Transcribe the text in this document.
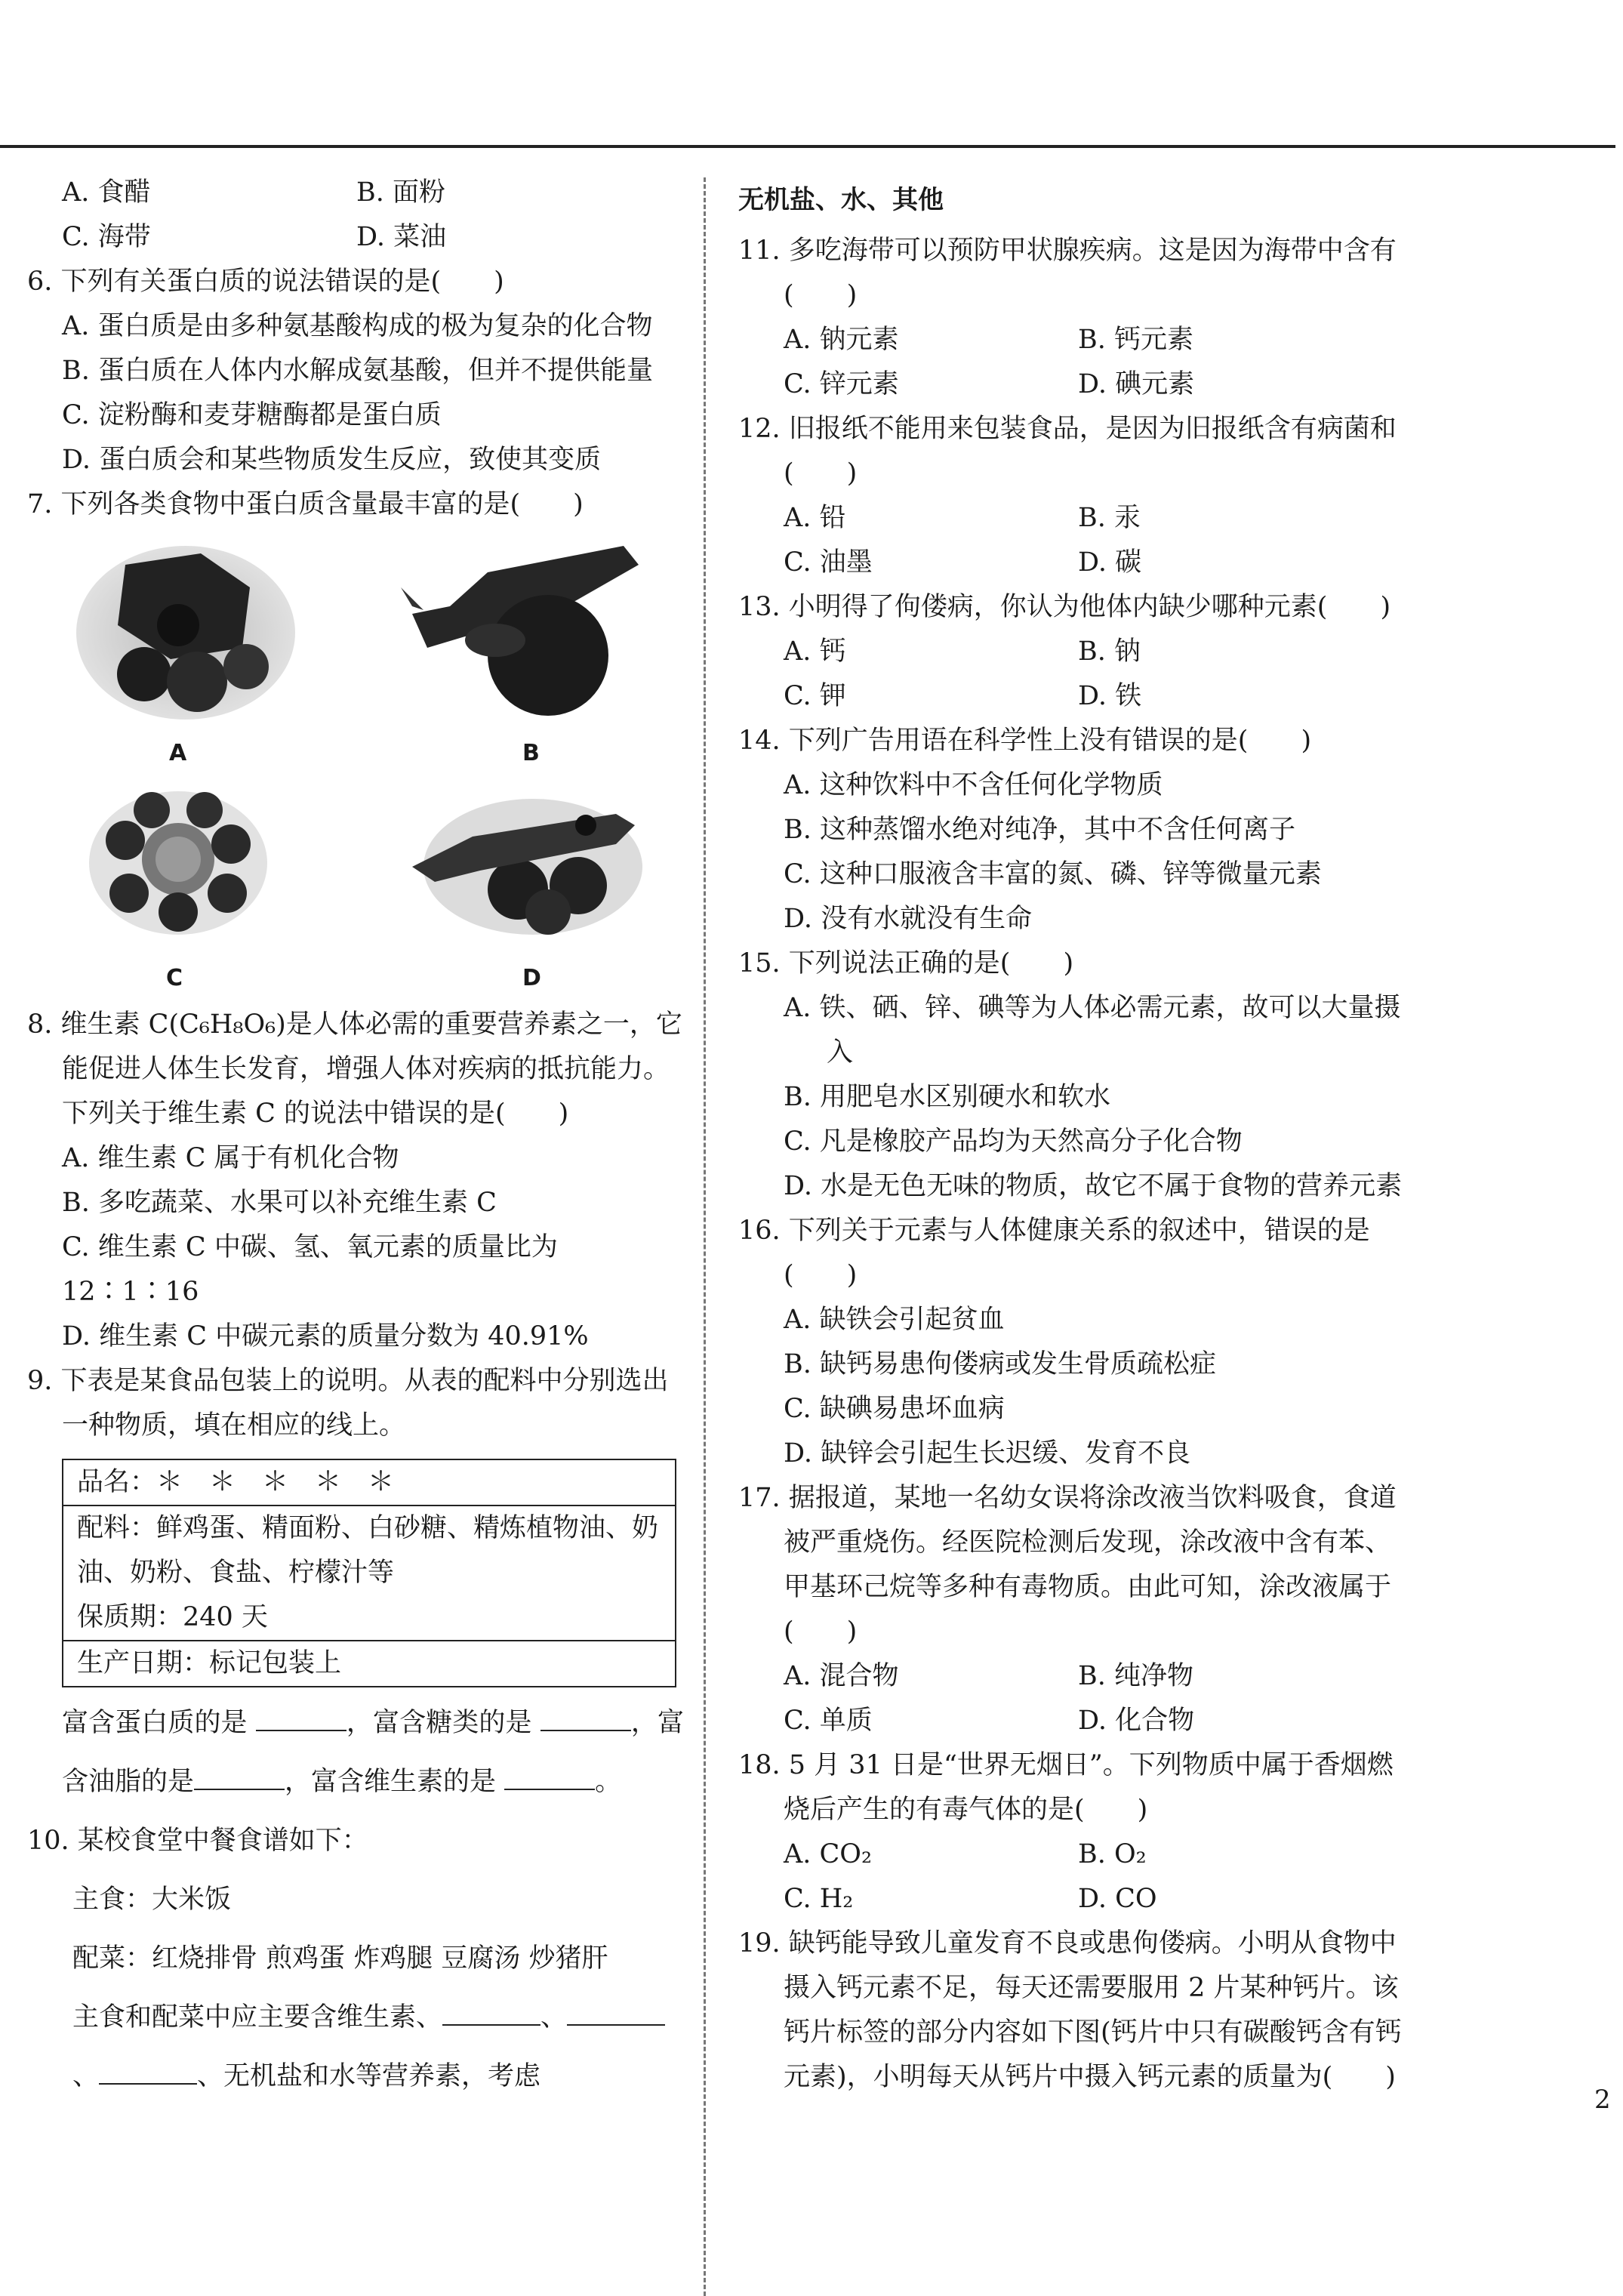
A. 食醋	B. 面粉
C. 海带	D. 菜油

6. 下列有关蛋白质的说法错误的是(　　)

A. 蛋白质是由多种氨基酸构成的极为复杂的化合物

B. 蛋白质在人体内水解成氨基酸，但并不提供能量

C. 淀粉酶和麦芽糖酶都是蛋白质

D. 蛋白质会和某些物质发生反应，致使其变质

7. 下列各类食物中蛋白质含量最丰富的是(　　)

A	B
C	D

8. 维生素 C(C₆H₈O₆)是人体必需的重要营养素之一，它能促进人体生长发育，增强人体对疾病的抵抗能力。下列关于维生素 C 的说法中错误的是(　　)

A. 维生素 C 属于有机化合物

B. 多吃蔬菜、水果可以补充维生素 C

C. 维生素 C 中碳、氢、氧元素的质量比为 12∶1∶16

D. 维生素 C 中碳元素的质量分数为 40.91%

9. 下表是某食品包装上的说明。从表的配料中分别选出一种物质，填在相应的线上。

品名：＊　＊　＊　＊　＊
配料：鲜鸡蛋、精面粉、白砂糖、精炼植物油、奶油、奶粉、食盐、柠檬汁等
保质期：240 天
生产日期：标记包装上

富含蛋白质的是	，富含糖类的是	，富含油脂的是	，富含维生素的是	。

10. 某校食堂中餐食谱如下：

主食：大米饭

配菜：红烧排骨 煎鸡蛋 炸鸡腿 豆腐汤 炒猪肝

主食和配菜中应主要含维生素、	、、	、无机盐和水等营养素，考虑

无机盐、水、其他

11. 多吃海带可以预防甲状腺疾病。这是因为海带中含有(　　)

A. 钠元素	B. 钙元素
C. 锌元素	D. 碘元素

12. 旧报纸不能用来包装食品，是因为旧报纸含有病菌和(　　)

A. 铅	B. 汞
C. 油墨	D. 碳

13. 小明得了佝偻病，你认为他体内缺少哪种元素(　　)

A. 钙	B. 钠
C. 钾	D. 铁

14. 下列广告用语在科学性上没有错误的是(　　)

A. 这种饮料中不含任何化学物质

B. 这种蒸馏水绝对纯净，其中不含任何离子

C. 这种口服液含丰富的氮、磷、锌等微量元素

D. 没有水就没有生命

15. 下列说法正确的是(　　)

A. 铁、硒、锌、碘等为人体必需元素，故可以大量摄入

B. 用肥皂水区别硬水和软水

C. 凡是橡胶产品均为天然高分子化合物

D. 水是无色无味的物质，故它不属于食物的营养元素

16. 下列关于元素与人体健康关系的叙述中，错误的是(　　)

A. 缺铁会引起贫血

B. 缺钙易患佝偻病或发生骨质疏松症

C. 缺碘易患坏血病

D. 缺锌会引起生长迟缓、发育不良

17. 据报道，某地一名幼女误将涂改液当饮料吸食，食道被严重烧伤。经医院检测后发现，涂改液中含有苯、甲基环己烷等多种有毒物质。由此可知，涂改液属于(　　)

A. 混合物	B. 纯净物
C. 单质	D. 化合物

18. 5 月 31 日是“世界无烟日”。下列物质中属于香烟燃烧后产生的有毒气体的是(　　)

A. CO₂	B. O₂
C. H₂	D. CO

19. 缺钙能导致儿童发育不良或患佝偻病。小明从食物中摄入钙元素不足，每天还需要服用 2 片某种钙片。该钙片标签的部分内容如下图(钙片中只有碳酸钙含有钙元素)，小明每天从钙片中摄入钙元素的质量为(　　)

2
